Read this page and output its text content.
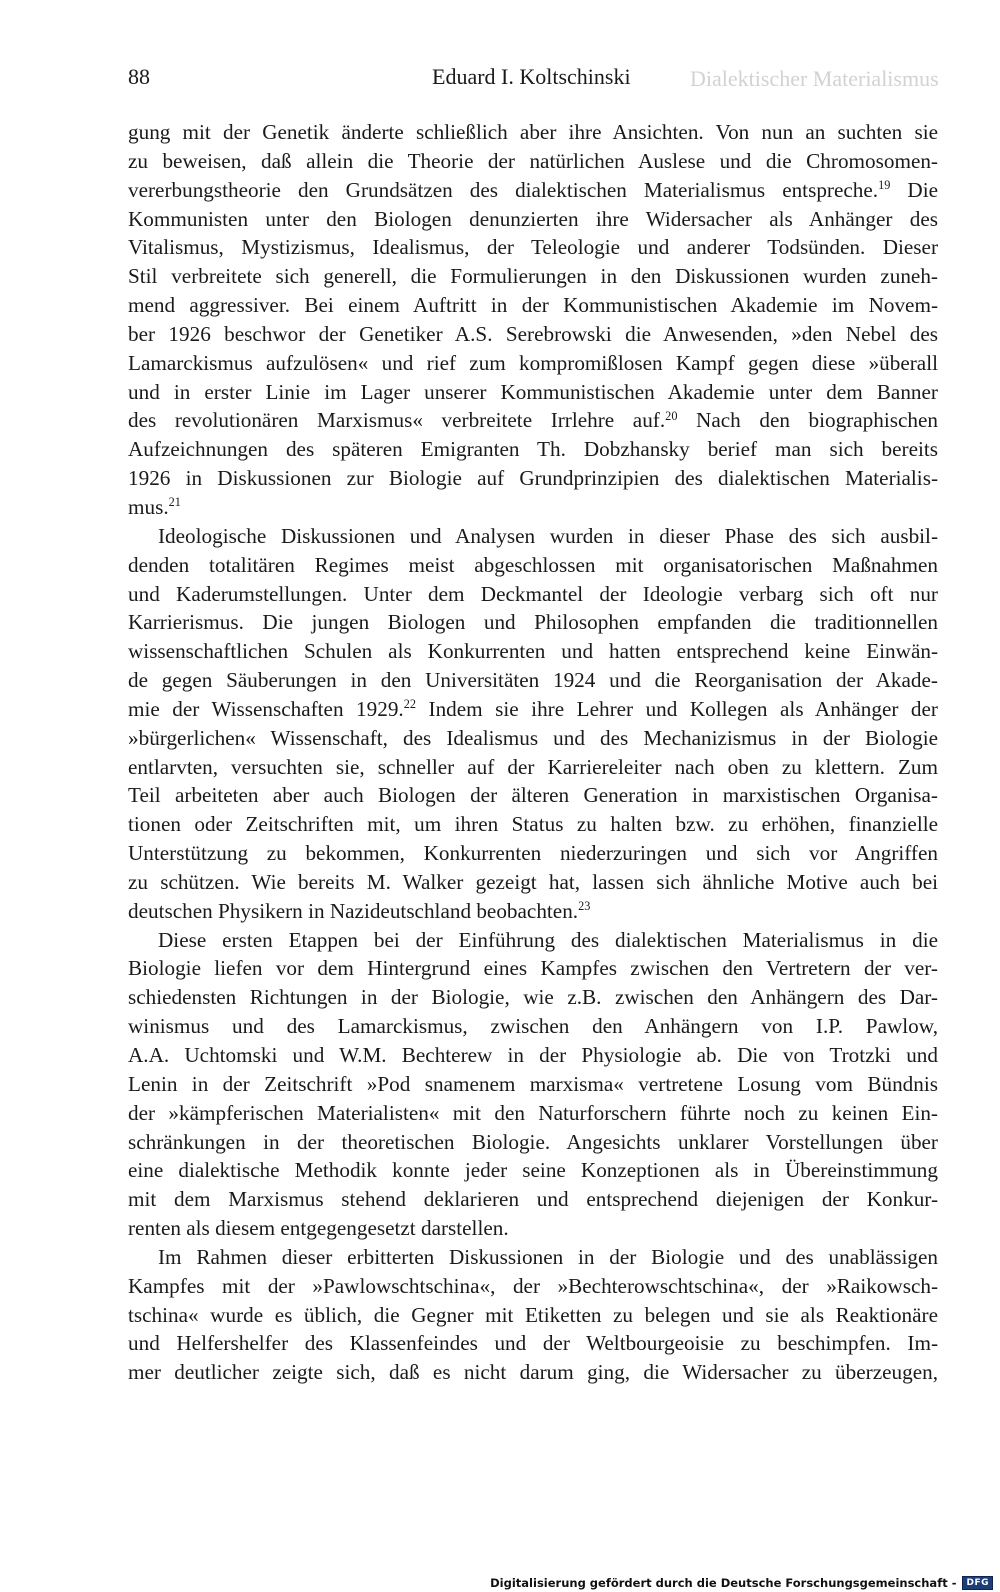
88	Eduard I. Koltschinski	Dialektischer Materialismus
gung mit der Genetik änderte schließlich aber ihre Ansichten. Von nun an suchten sie
zu beweisen, daß allein die Theorie der natürlichen Auslese und die Chromosomen-
vererbungstheorie den Grundsätzen des dialektischen Materialismus entspreche.$^{19}$ Die
Kommunisten unter den Biologen denunzierten ihre Widersacher als Anhänger des
Vitalismus, Mystizismus, Idealismus, der Teleologie und anderer Todsünden. Dieser
Stil verbreitete sich generell, die Formulierungen in den Diskussionen wurden zuneh-
mend aggressiver. Bei einem Auftritt in der Kommunistischen Akademie im Novem-
ber 1926 beschwor der Genetiker A.S. Serebrowski die Anwesenden, »den Nebel des
Lamarckismus aufzulösen« und rief zum kompromißlosen Kampf gegen diese »überall
und in erster Linie im Lager unserer Kommunistischen Akademie unter dem Banner
des revolutionären Marxismus« verbreitete Irrlehre auf.$^{20}$ Nach den biographischen
Aufzeichnungen des späteren Emigranten Th. Dobzhansky berief man sich bereits
1926 in Diskussionen zur Biologie auf Grundprinzipien des dialektischen Materialis-
mus.$^{21}$
Ideologische Diskussionen und Analysen wurden in dieser Phase des sich ausbil-
denden totalitären Regimes meist abgeschlossen mit organisatorischen Maßnahmen
und Kaderumstellungen. Unter dem Deckmantel der Ideologie verbarg sich oft nur
Karrierismus. Die jungen Biologen und Philosophen empfanden die traditionnellen
wissenschaftlichen Schulen als Konkurrenten und hatten entsprechend keine Einwän-
de gegen Säuberungen in den Universitäten 1924 und die Reorganisation der Akade-
mie der Wissenschaften 1929.22 Indem sie ihre Lehrer und Kollegen als Anhänger der
»bürgerlichen« Wissenschaft, des Idealismus und des Mechanizismus in der Biologie
entlarvten, versuchten sie, schneller auf der Karriereleiter nach oben zu klettern. Zum
Teil arbeiteten aber auch Biologen der älteren Generation in marxistischen Organisa-
tionen oder Zeitschriften mit, um ihren Status zu halten bzw. zu erhöhen, finanzielle
Unterstützung zu bekommen, Konkurrenten niederzuringen und sich vor Angriffen
zu schützen. Wie bereits M. Walker gezeigt hat, lassen sich ähnliche Motive auch bei
deutschen Physikern in Nazideutschland beobachten.$^{23}$
Diese ersten Etappen bei der Einführung des dialektischen Materialismus in die
Biologie liefen vor dem Hintergrund eines Kampfes zwischen den Vertretern der ver-
schiedensten Richtungen in der Biologie, wie z.B. zwischen den Anhängern des Dar-
winismus und des Lamarckismus, zwischen den Anhängern von I.P. Pawlow,
A.A. Uchtomski und W.M. Bechterew in der Physiologie ab. Die von Trotzki und
Lenin in der Zeitschrift »Pod snamenem marxisma« vertretene Losung vom Bündnis
der »kämpferischen Materialisten« mit den Naturforschern führte noch zu keinen Ein-
schränkungen in der theoretischen Biologie. Angesichts unklarer Vorstellungen über
eine dialektische Methodik konnte jeder seine Konzeptionen als in Übereinstimmung
mit dem Marxismus stehend deklarieren und entsprechend diejenigen der Konkur-
renten als diesem entgegengesetzt darstellen.
Im Rahmen dieser erbitterten Diskussionen in der Biologie und des unablässigen
Kampfes mit der »Pawlowschtschina«, der »Bechterowschtschina«, der »Raikowsch-
tschina« wurde es üblich, die Gegner mit Etiketten zu belegen und sie als Reaktionäre
und Helfershelfer des Klassenfeindes und der Weltbourgeoisie zu beschimpfen. Im-
mer deutlicher zeigte sich, daß es nicht darum ging, die Widersacher zu überzeugen,
Digitalisierung gefördert durch die Deutsche Forschungsgemeinschaft -	DFG
